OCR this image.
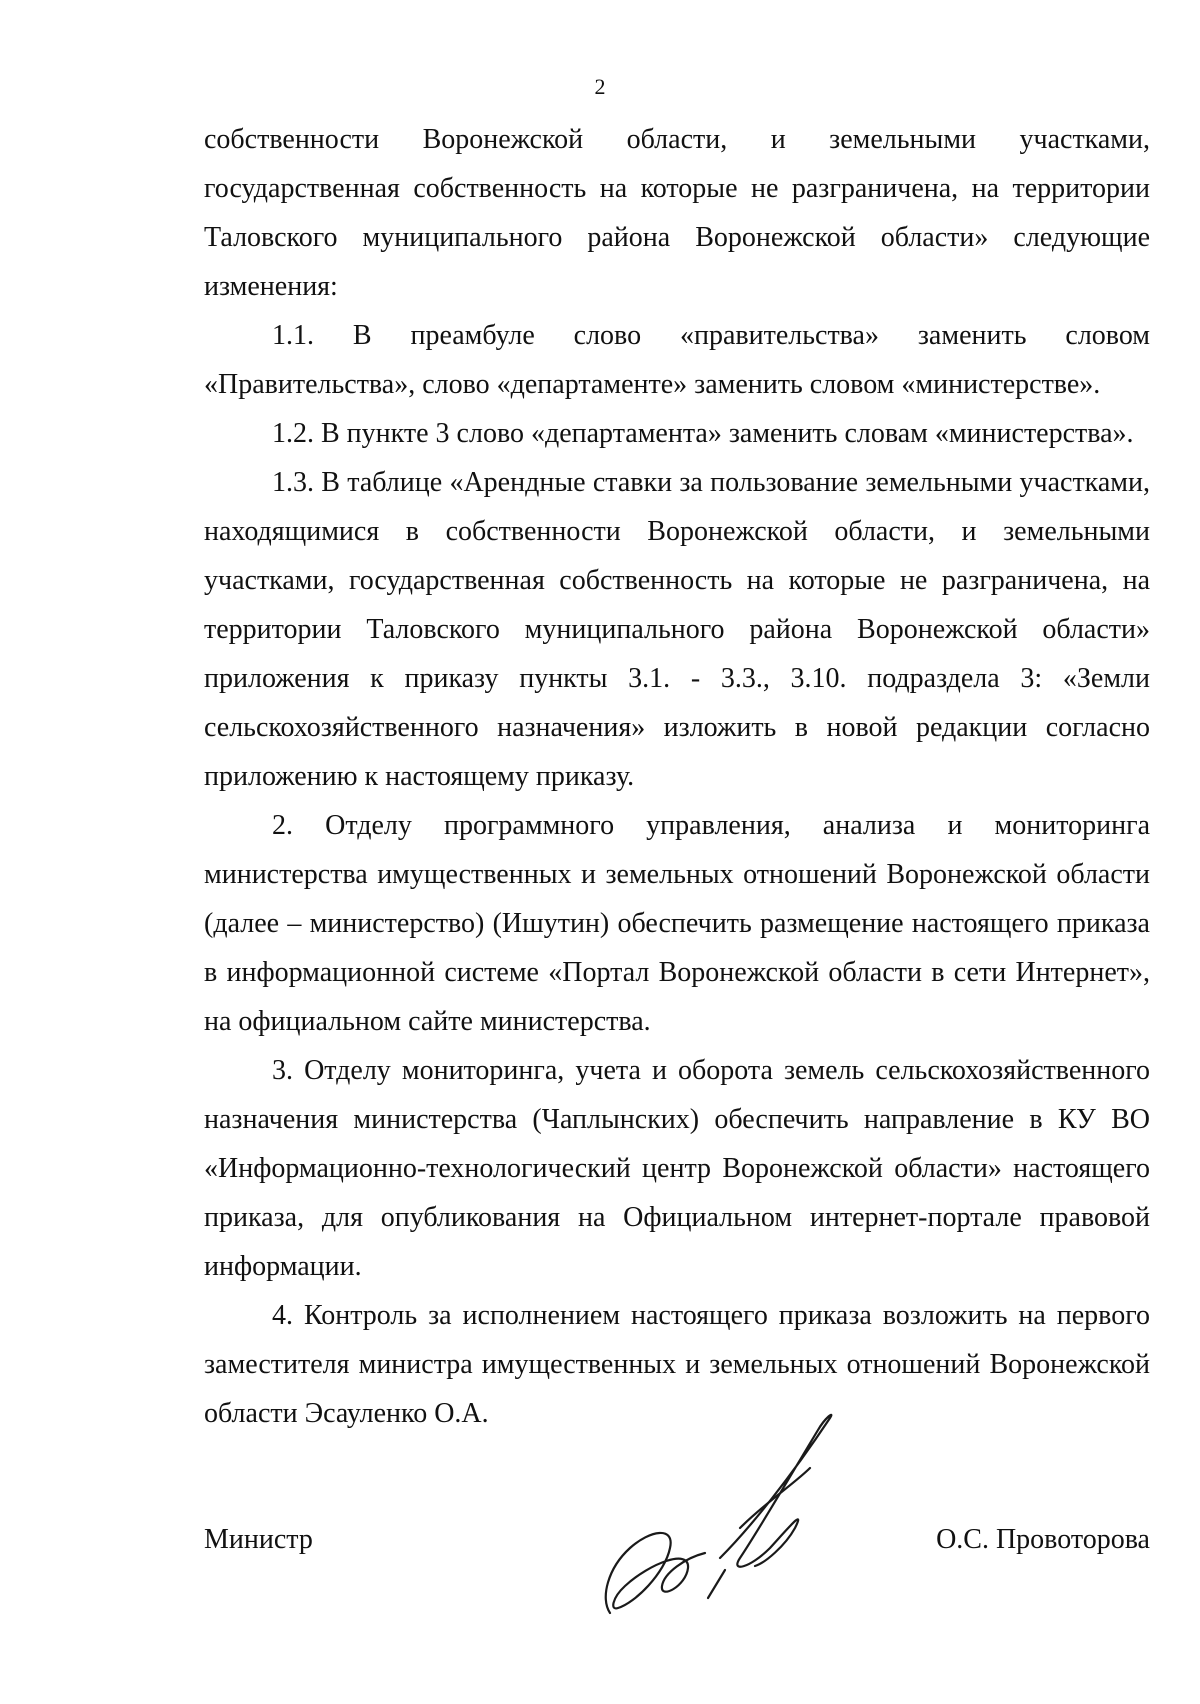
2

собственности Воронежской области, и земельными участками, государственная собственность на которые не разграничена, на территории Таловского муниципального района Воронежской области» следующие изменения:

1.1. В преамбуле слово «правительства» заменить словом «Правительства», слово «департаменте» заменить словом «министерстве».

1.2. В пункте 3 слово «департамента» заменить словам «министерства».

1.3. В таблице «Арендные ставки за пользование земельными участками, находящимися в собственности Воронежской области, и земельными участками, государственная собственность на которые не разграничена, на территории Таловского муниципального района Воронежской области» приложения к приказу пункты 3.1. - 3.3., 3.10. подраздела 3: «Земли сельскохозяйственного назначения» изложить в новой редакции согласно приложению к настоящему приказу.

2. Отделу программного управления, анализа и мониторинга министерства имущественных и земельных отношений Воронежской области (далее – министерство) (Ишутин) обеспечить размещение настоящего приказа в информационной системе «Портал Воронежской области в сети Интернет», на официальном сайте министерства.

3. Отделу мониторинга, учета и оборота земель сельскохозяйственного назначения министерства (Чаплынских) обеспечить направление в КУ ВО «Информационно-технологический центр Воронежской области» настоящего приказа, для опубликования на Официальном интернет-портале правовой информации.

4. Контроль за исполнением настоящего приказа возложить на первого заместителя министра имущественных и земельных отношений Воронежской области Эсауленко О.А.

Министр	О.С. Провоторова
